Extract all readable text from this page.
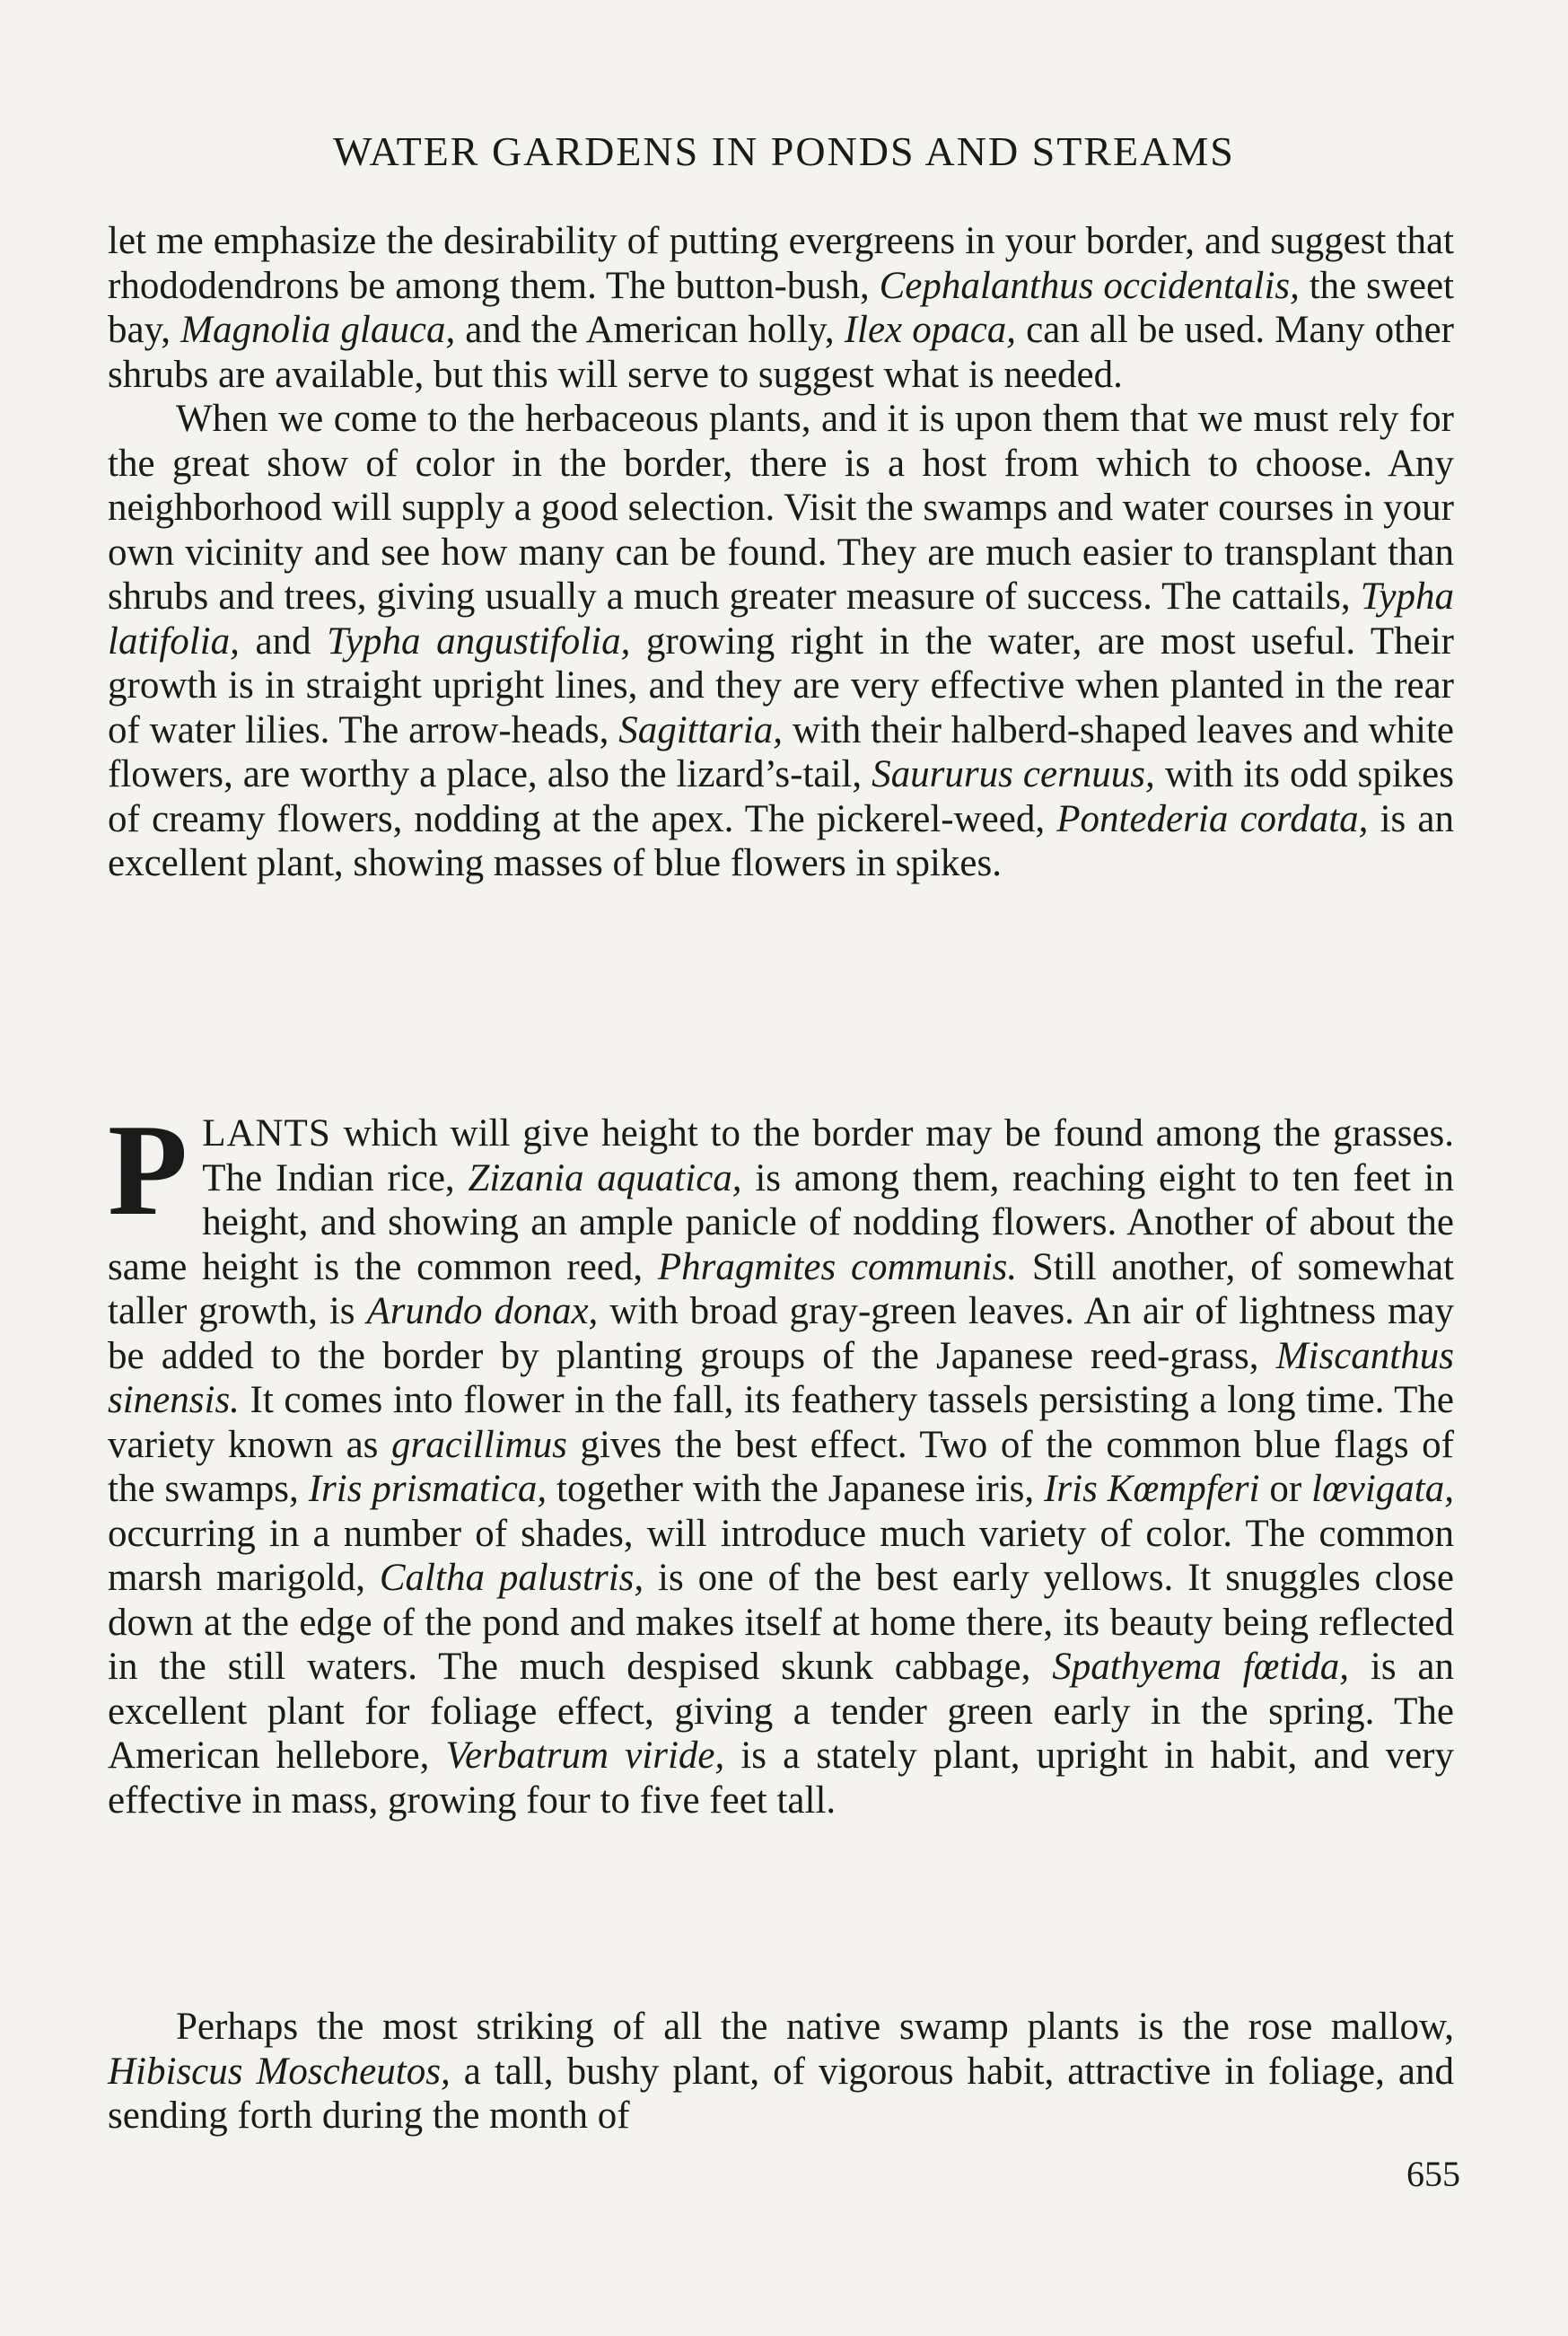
WATER GARDENS IN PONDS AND STREAMS

let me emphasize the desirability of putting evergreens in your border, and suggest that rhododendrons be among them. The button-bush, Cephalanthus occidentalis, the sweet bay, Magnolia glauca, and the American holly, Ilex opaca, can all be used. Many other shrubs are available, but this will serve to suggest what is needed.

When we come to the herbaceous plants, and it is upon them that we must rely for the great show of color in the border, there is a host from which to choose. Any neighborhood will supply a good selection. Visit the swamps and water courses in your own vicinity and see how many can be found. They are much easier to transplant than shrubs and trees, giving usually a much greater measure of success. The cattails, Typha latifolia, and Typha angustifolia, growing right in the water, are most useful. Their growth is in straight upright lines, and they are very effective when planted in the rear of water lilies. The arrow-heads, Sagittaria, with their halberd-shaped leaves and white flowers, are worthy a place, also the lizard’s-tail, Saururus cernuus, with its odd spikes of creamy flowers, nodding at the apex. The pickerel-weed, Pontederia cordata, is an excellent plant, showing masses of blue flowers in spikes.

PLANTS which will give height to the border may be found among the grasses. The Indian rice, Zizania aquatica, is among them, reaching eight to ten feet in height, and showing an ample panicle of nodding flowers. Another of about the same height is the common reed, Phragmites communis. Still another, of somewhat taller growth, is Arundo donax, with broad gray-green leaves. An air of lightness may be added to the border by planting groups of the Japanese reed-grass, Miscanthus sinensis. It comes into flower in the fall, its feathery tassels persisting a long time. The variety known as gracillimus gives the best effect. Two of the common blue flags of the swamps, Iris prismatica, together with the Japanese iris, Iris Kœmpferi or lœvigata, occurring in a number of shades, will introduce much variety of color. The common marsh marigold, Caltha palustris, is one of the best early yellows. It snuggles close down at the edge of the pond and makes itself at home there, its beauty being reflected in the still waters. The much despised skunk cabbage, Spathyema fœtida, is an excellent plant for foliage effect, giving a tender green early in the spring. The American hellebore, Verbatrum viride, is a stately plant, upright in habit, and very effective in mass, growing four to five feet tall.

Perhaps the most striking of all the native swamp plants is the rose mallow, Hibiscus Moscheutos, a tall, bushy plant, of vigorous habit, attractive in foliage, and sending forth during the month of

655
